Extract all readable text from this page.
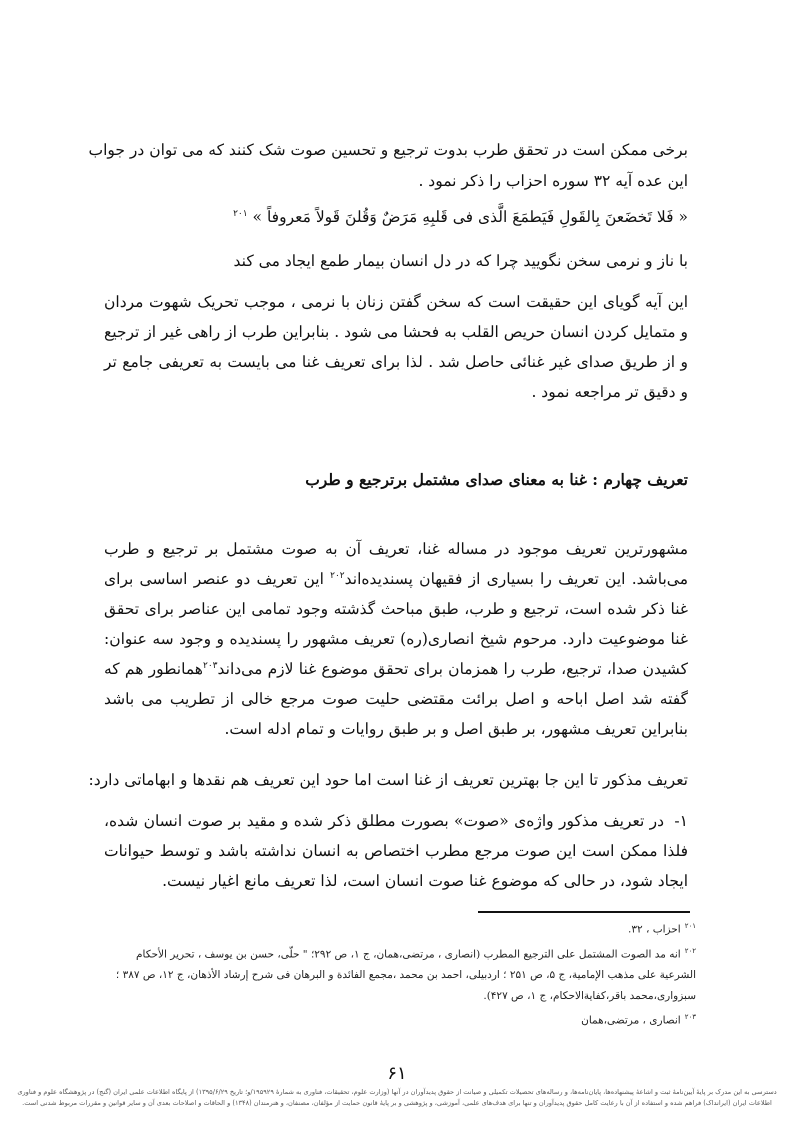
برخی ممکن است در تحقق طرب بدوت ترجیع و تحسین صوت شک کنند که می توان در جواب
این عده آیه ۳۲ سوره احزاب را ذکر نمود .
« فَلا تَخضَعنَ بِالقَولِ فَیَطمَعَ الَّذی فی قَلبِهِ مَرَضٌ وَقُلنَ قَولاً مَعروفاً » $^{۲۰۱}$
با ناز و نرمی سخن نگویید چرا که در دل انسان بیمار طمع ایجاد می کند

این آیه گویای این حقیقت است که سخن گفتن زنان با نرمی ، موجب تحریک شهوت مردان و متمایل کردن انسان حریص القلب به فحشا می شود . بنابراین طرب از راهی غیر از ترجیع و از طریق صدای غیر غنائی حاصل شد . لذا برای تعریف غنا می بایست به تعریفی جامع تر و دقیق تر مراجعه نمود .

تعریف چهارم : غنا به معنای صدای مشتمل برترجیع و طرب

مشهورترین تعریف موجود در مساله غنا، تعریف آن به صوت مشتمل بر ترجیع و طرب می‌باشد. این تعریف را بسیاری از فقیهان پسندیده‌اند$^{۲۰۲}$ این تعریف دو عنصر اساسی برای غنا ذکر شده است، ترجیع و طرب، طبق مباحث گذشته وجود تمامی این عناصر برای تحقق غنا موضوعیت دارد. مرحوم شیخ انصاری(ره) تعریف مشهور را پسندیده و وجود سه عنوان: کشیدن صدا، ترجیع، طرب را همزمان برای تحقق موضوع غنا لازم می‌داند$^{۲۰۳}$همانطور هم که گفته شد اصل اباحه و اصل برائت مقتضی حلیت صوت مرجع خالی از تطریب می باشد بنابراین تعریف مشهور، بر طبق اصل و بر طبق روایات و تمام ادله است.

تعریف مذکور تا این جا بهترین تعریف از غنا است اما حود این تعریف هم نقدها و ابهاماتی دارد:

۱-در تعریف مذکور واژه‌ی «صوت» بصورت مطلق ذکر شده و مقید بر صوت انسان شده، فلذا ممکن است این صوت مرجع مطرب اختصاص به انسان نداشته باشد و توسط حیوانات ایجاد شود، در حالی که موضوع غنا صوت انسان است، لذا تعریف مانع اغیار نیست.

$^{۲۰۱}$احزاب ، ۳۲.

$^{۲۰۲}$انه مد الصوت المشتمل علی الترجیع المطرب (انصاری ، مرتضی،همان، ج ۱، ص ۲۹۲؛ " حلّی، حسن بن یوسف ، تحریر الأحکام الشرعیة علی مذهب الإمامیة، ج ۵، ص ۲۵۱ ؛ اردبیلی، احمد بن محمد ،مجمع الفائدة و البرهان فی شرح إرشاد الأذهان، ج ۱۲، ص ۳۸۷ ؛ سبزواری،محمد باقر،کفایةالاحکام، ج ۱، ص ۴۲۷).

$^{۲۰۳}$انصاری ، مرتضی،همان

۶۱
دسترسی به این مدرک بر پایهٔ آیین‌نامهٔ ثبت و اشاعهٔ پیشنهاده‌ها، پایان‌نامه‌ها، و رساله‌های تحصیلات تکمیلی و صیانت از حقوق پدیدآوران در آنها (وزارت علوم، تحقیقات، فناوری به شمارهٔ ۱۹۵۹۲۹/و؛ تاریخ ۱۳۹۵/۶/۲۹) از پایگاه اطلاعات علمی ایران (گنج) در پژوهشگاه علوم و فناوری اطلاعات ایران (ایرانداک) فراهم شده و استفاده از آن با رعایت کامل حقوق پدیدآوران و تنها برای هدف‌های علمی، آموزشی، و پژوهشی و بر پایهٔ قانون حمایت از مؤلفان، مصنفان، و هنرمندان (۱۳۴۸) و الحاقات و اصلاحات بعدی آن و سایر قوانین و مقررات مربوط شدنی است.
